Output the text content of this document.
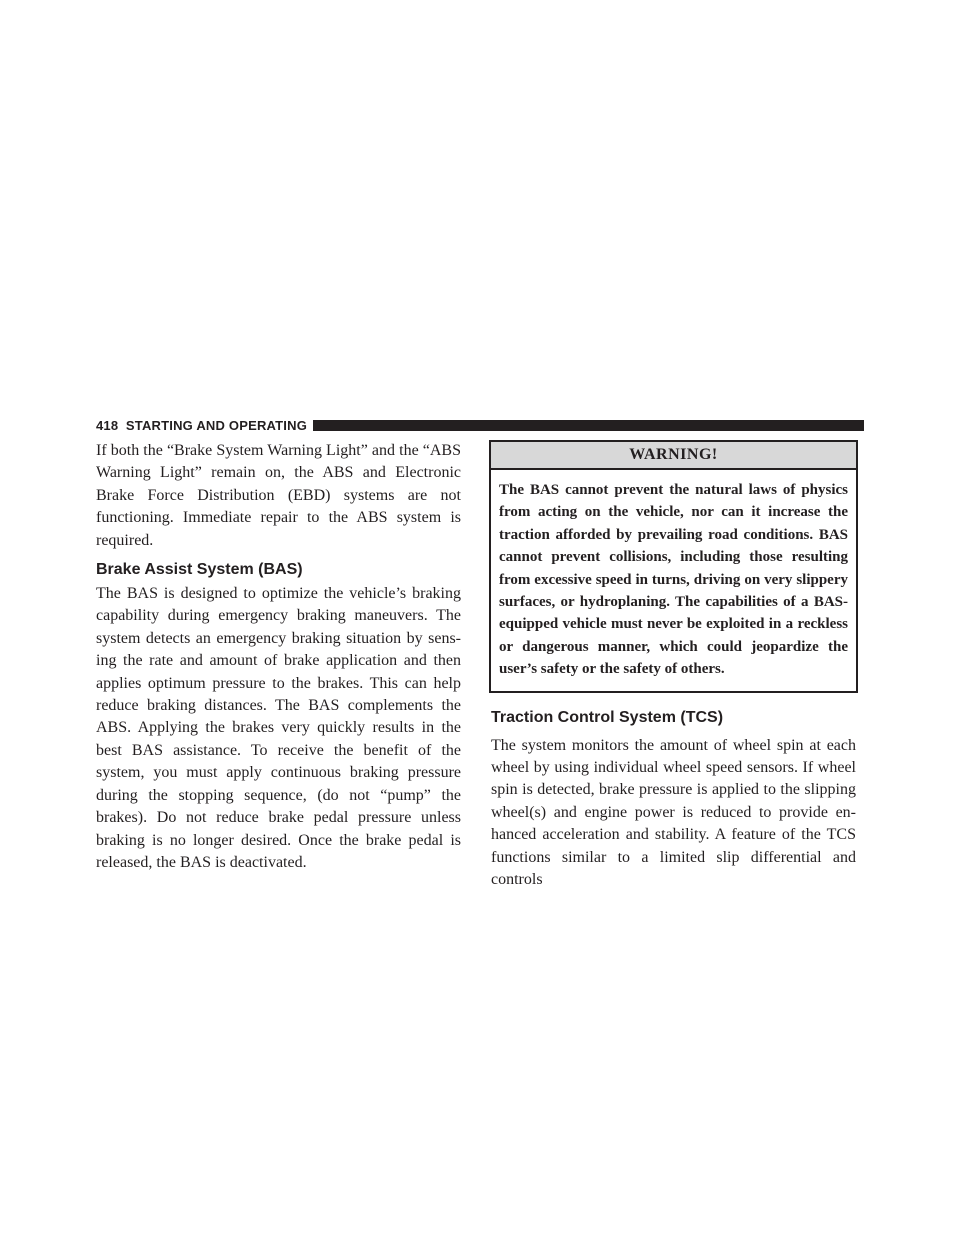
418 STARTING AND OPERATING

If both the “Brake System Warning Light” and the “ABS Warning Light” remain on, the ABS and Electronic Brake Force Distribution (EBD) systems are not functioning. Immediate repair to the ABS system is required.

Brake Assist System (BAS)

The BAS is designed to optimize the vehicle’s braking capability during emergency braking maneuvers. The system detects an emergency braking situation by sensing the rate and amount of brake application and then applies optimum pressure to the brakes. This can help reduce braking distances. The BAS complements the ABS. Applying the brakes very quickly results in the best BAS assistance. To receive the benefit of the system, you must apply continuous braking pressure during the stopping sequence, (do not “pump” the brakes). Do not reduce brake pedal pressure unless braking is no longer desired. Once the brake pedal is released, the BAS is deactivated.

WARNING!

The BAS cannot prevent the natural laws of physics from acting on the vehicle, nor can it increase the traction afforded by prevailing road conditions. BAS cannot prevent collisions, including those resulting from excessive speed in turns, driving on very slippery surfaces, or hydroplaning. The capabilities of a BAS-equipped vehicle must never be exploited in a reckless or dangerous manner, which could jeopardize the user’s safety or the safety of others.

Traction Control System (TCS)

The system monitors the amount of wheel spin at each wheel by using individual wheel speed sensors. If wheel spin is detected, brake pressure is applied to the slipping wheel(s) and engine power is reduced to provide enhanced acceleration and stability. A feature of the TCS functions similar to a limited slip differential and controls
